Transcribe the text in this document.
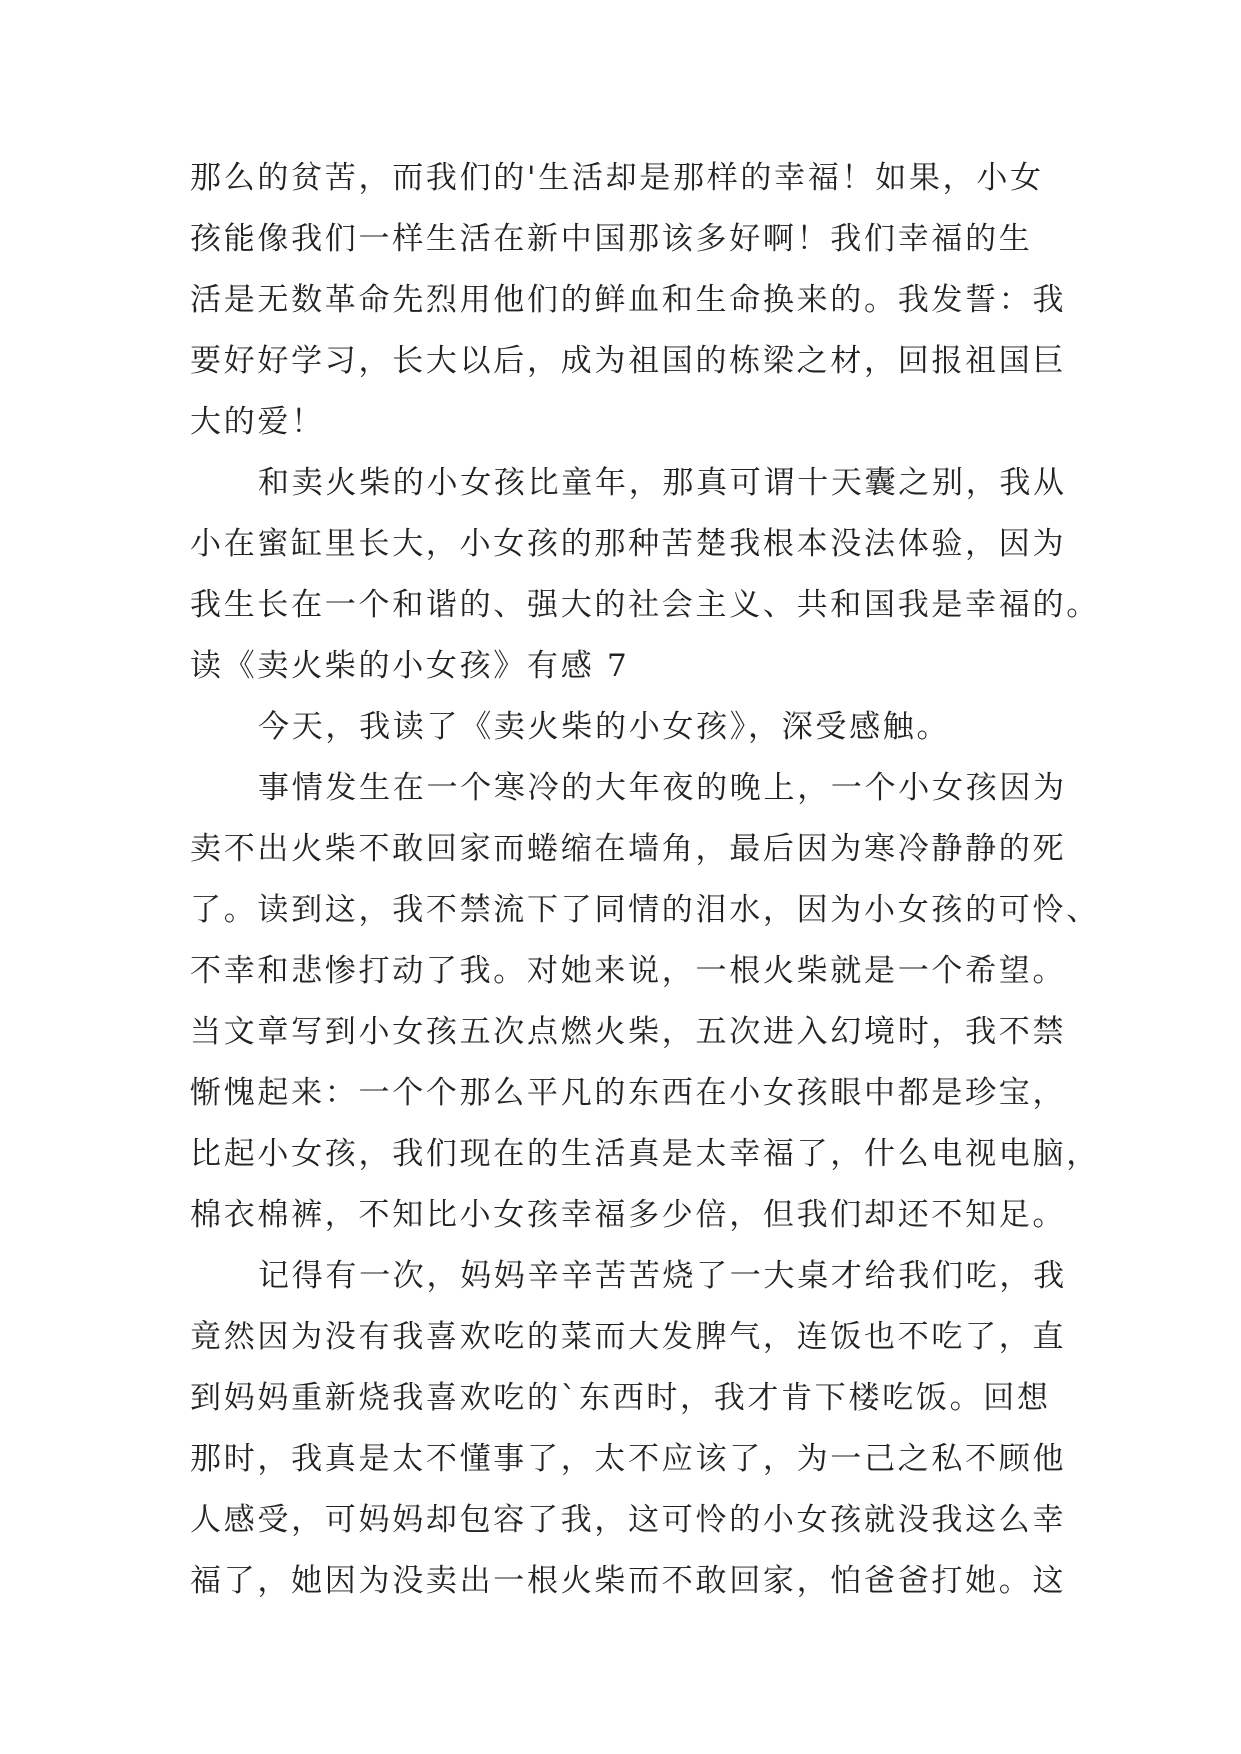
那么的贫苦，而我们的'生活却是那样的幸福！如果，小女
孩能像我们一样生活在新中国那该多好啊！我们幸福的生
活是无数革命先烈用他们的鲜血和生命换来的。我发誓：我
要好好学习，长大以后，成为祖国的栋梁之材，回报祖国巨
大的爱！
和卖火柴的小女孩比童年，那真可谓十天囊之别，我从
小在蜜缸里长大，小女孩的那种苦楚我根本没法体验，因为
我生长在一个和谐的、强大的社会主义、共和国我是幸福的。
读《卖火柴的小女孩》有感 7
今天，我读了《卖火柴的小女孩》，深受感触。
事情发生在一个寒冷的大年夜的晚上，一个小女孩因为
卖不出火柴不敢回家而蜷缩在墙角，最后因为寒冷静静的死
了。读到这，我不禁流下了同情的泪水，因为小女孩的可怜、
不幸和悲惨打动了我。对她来说，一根火柴就是一个希望。
当文章写到小女孩五次点燃火柴，五次进入幻境时，我不禁
惭愧起来：一个个那么平凡的东西在小女孩眼中都是珍宝，
比起小女孩，我们现在的生活真是太幸福了，什么电视电脑，
棉衣棉裤，不知比小女孩幸福多少倍，但我们却还不知足。
记得有一次，妈妈辛辛苦苦烧了一大桌才给我们吃，我
竟然因为没有我喜欢吃的菜而大发脾气，连饭也不吃了，直
到妈妈重新烧我喜欢吃的`东西时，我才肯下楼吃饭。回想
那时，我真是太不懂事了，太不应该了，为一己之私不顾他
人感受，可妈妈却包容了我，这可怜的小女孩就没我这么幸
福了，她因为没卖出一根火柴而不敢回家，怕爸爸打她。这
